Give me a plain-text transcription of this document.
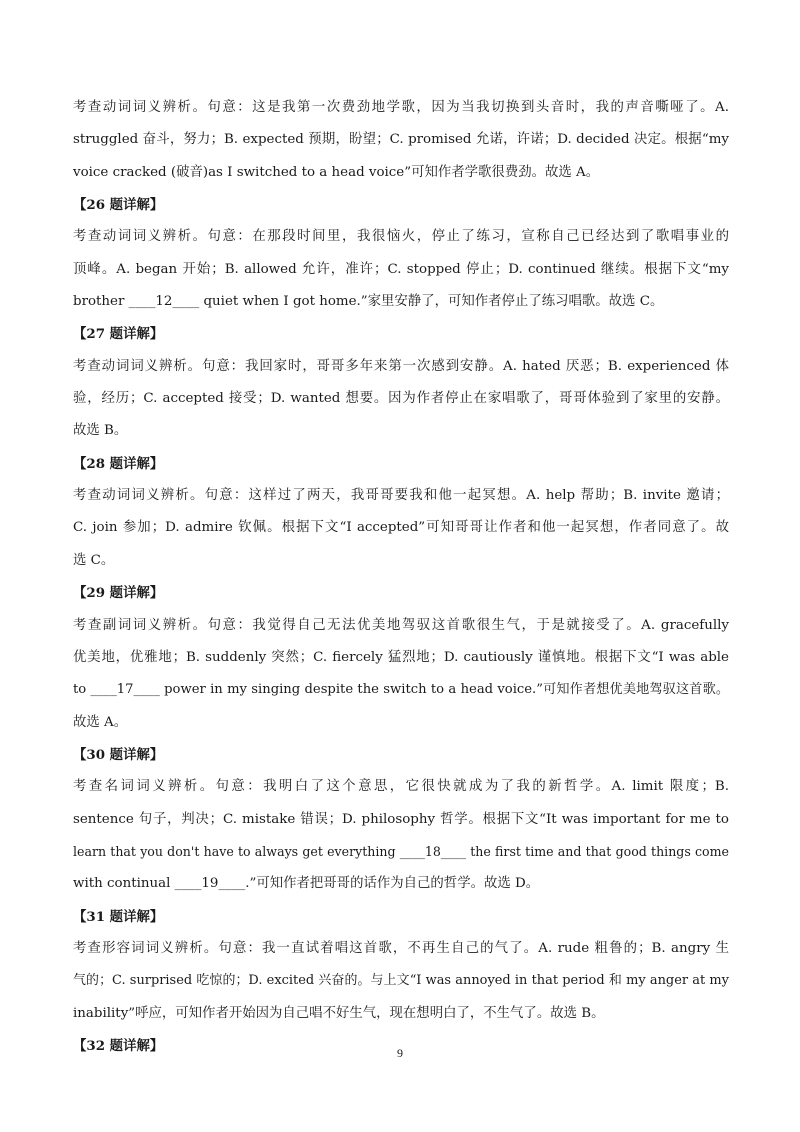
考查动词词义辨析。句意：这是我第一次费劲地学歌，因为当我切换到头音时，我的声音嘶哑了。A.
struggled 奋斗，努力；B. expected 预期，盼望；C. promised 允诺，许诺；D. decided 决定。根据“my
voice cracked (破音)as I switched to a head voice”可知作者学歌很费劲。故选 A。
【26 题详解】
考查动词词义辨析。句意：在那段时间里，我很恼火，停止了练习，宣称自己已经达到了歌唱事业的
顶峰。A. began 开始；B. allowed 允许，准许；C. stopped 停止；D. continued 继续。根据下文“my
brother ____12____ quiet when I got home.”家里安静了，可知作者停止了练习唱歌。故选 C。
【27 题详解】
考查动词词义辨析。句意：我回家时，哥哥多年来第一次感到安静。A. hated 厌恶；B. experienced 体
验，经历；C. accepted 接受；D. wanted 想要。因为作者停止在家唱歌了，哥哥体验到了家里的安静。
故选 B。
【28 题详解】
考查动词词义辨析。句意：这样过了两天，我哥哥要我和他一起冥想。A. help 帮助；B. invite 邀请；
C. join 参加；D. admire 钦佩。根据下文“I accepted”可知哥哥让作者和他一起冥想，作者同意了。故
选 C。
【29 题详解】
考查副词词义辨析。句意：我觉得自己无法优美地驾驭这首歌很生气，于是就接受了。A. gracefully
优美地，优雅地；B. suddenly 突然；C. fiercely 猛烈地；D. cautiously 谨慎地。根据下文“I was able
to ____17____ power in my singing despite the switch to a head voice.”可知作者想优美地驾驭这首歌。
故选 A。
【30 题详解】
考查名词词义辨析。句意：我明白了这个意思，它很快就成为了我的新哲学。A. limit 限度；B.
sentence 句子，判决；C. mistake 错误；D. philosophy 哲学。根据下文“It was important for me to
learn that you don't have to always get everything ____18____ the first time and that good things come
with continual ____19____.”可知作者把哥哥的话作为自己的哲学。故选 D。
【31 题详解】
考查形容词词义辨析。句意：我一直试着唱这首歌，不再生自己的气了。A. rude 粗鲁的；B. angry 生
气的；C. surprised 吃惊的；D. excited 兴奋的。与上文“I was annoyed in that period 和 my anger at my
inability”呼应，可知作者开始因为自己唱不好生气，现在想明白了，不生气了。故选 B。
【32 题详解】	9
